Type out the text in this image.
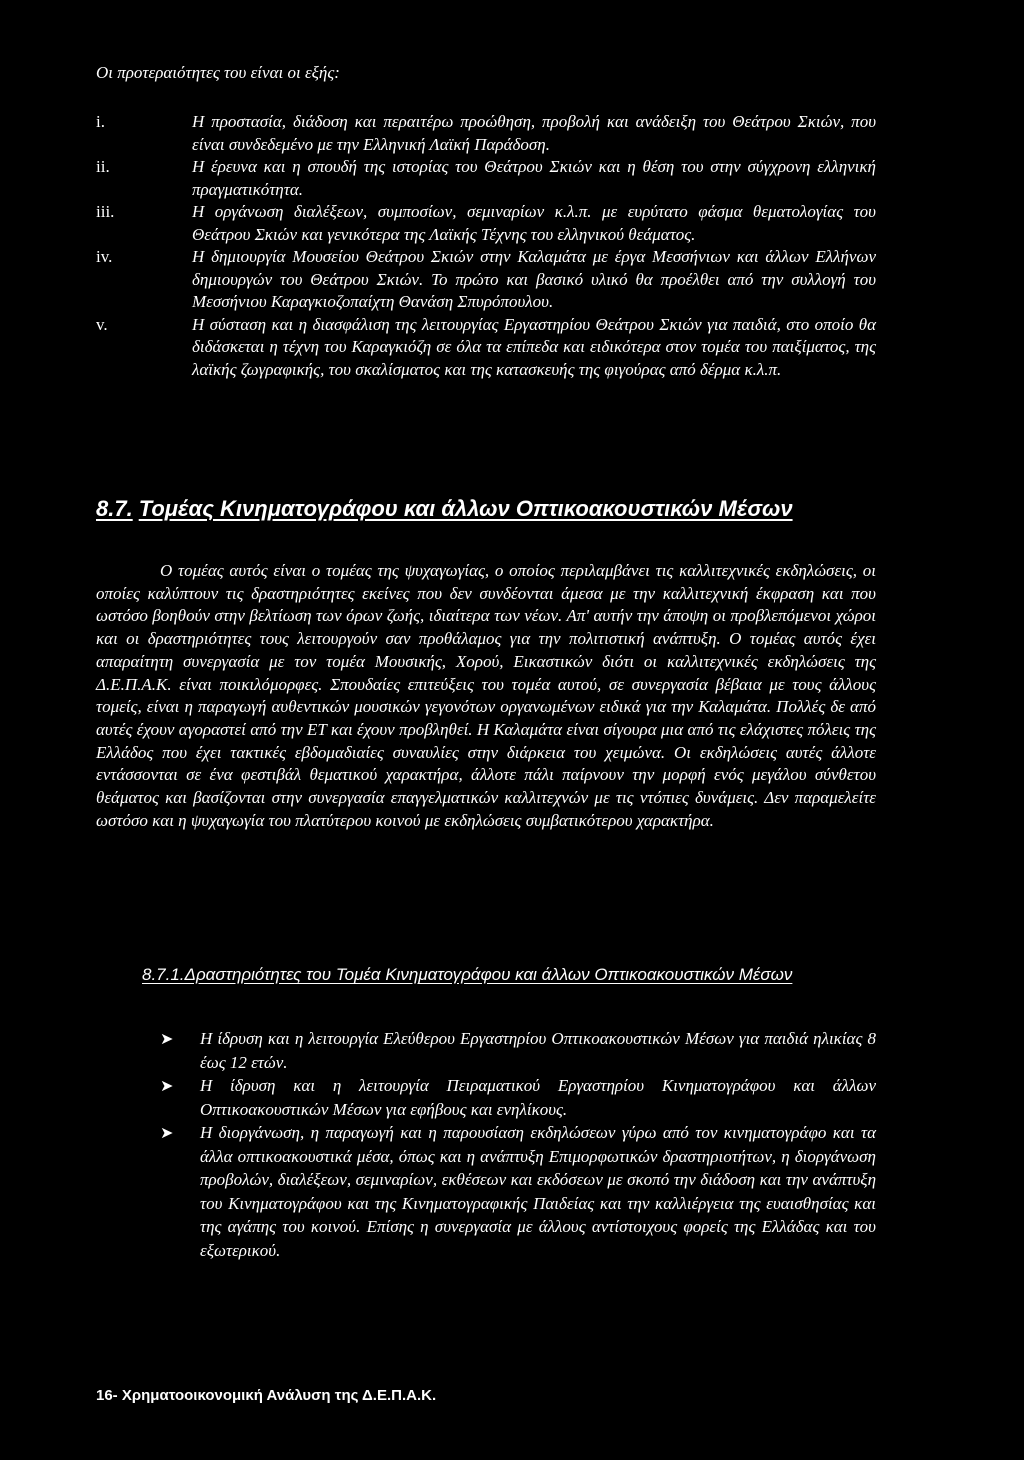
Οι προτεραιότητες του είναι οι εξής:
i.	Η προστασία, διάδοση και περαιτέρω προώθηση, προβολή και ανάδειξη του Θεάτρου Σκιών, που είναι συνδεδεμένο με την Ελληνική Λαϊκή Παράδοση.
ii.	Η έρευνα και η σπουδή της ιστορίας του Θεάτρου Σκιών και η θέση του στην σύγχρονη ελληνική πραγματικότητα.
iii.	Η οργάνωση διαλέξεων, συμποσίων, σεμιναρίων κ.λ.π. με ευρύτατο φάσμα θεματολογίας του Θεάτρου Σκιών και γενικότερα της Λαϊκής Τέχνης του ελληνικού θεάματος.
iv.	Η δημιουργία Μουσείου Θεάτρου Σκιών στην Καλαμάτα με έργα Μεσσήνιων και άλλων Ελλήνων δημιουργών του Θεάτρου Σκιών. Το πρώτο και βασικό υλικό θα προέλθει από την συλλογή του Μεσσήνιου Καραγκιοζοπαίχτη Θανάση Σπυρόπουλου.
v.	Η σύσταση και η διασφάλιση της λειτουργίας Εργαστηρίου Θεάτρου Σκιών για παιδιά, στο οποίο θα διδάσκεται η τέχνη του Καραγκιόζη σε όλα τα επίπεδα και ειδικότερα στον τομέα του παιξίματος, της λαϊκής ζωγραφικής, του σκαλίσματος και της κατασκευής της φιγούρας από δέρμα κ.λ.π.
8.7. Τομέας Κινηματογράφου και άλλων Οπτικοακουστικών Μέσων

Ο τομέας αυτός είναι ο τομέας της ψυχαγωγίας, ο οποίος περιλαμβάνει τις καλλιτεχνικές εκδηλώσεις, οι οποίες καλύπτουν τις δραστηριότητες εκείνες που δεν συνδέονται άμεσα με την καλλιτεχνική έκφραση και που ωστόσο βοηθούν στην βελτίωση των όρων ζωής, ιδιαίτερα των νέων. Απ' αυτήν την άποψη οι προβλεπόμενοι χώροι και οι δραστηριότητες τους λειτουργούν σαν προθάλαμος για την πολιτιστική ανάπτυξη. Ο τομέας αυτός έχει απαραίτητη συνεργασία με τον τομέα Μουσικής, Χορού, Εικαστικών διότι οι καλλιτεχνικές εκδηλώσεις της Δ.Ε.Π.Α.Κ. είναι ποικιλόμορφες. Σπουδαίες επιτεύξεις του τομέα αυτού, σε συνεργασία βέβαια με τους άλλους τομείς, είναι η παραγωγή αυθεντικών μουσικών γεγονότων οργανωμένων ειδικά για την Καλαμάτα. Πολλές δε από αυτές έχουν αγοραστεί από την ΕΤ και έχουν προβληθεί. Η Καλαμάτα είναι σίγουρα μια από τις ελάχιστες πόλεις της Ελλάδος που έχει τακτικές εβδομαδιαίες συναυλίες στην διάρκεια του χειμώνα. Οι εκδηλώσεις αυτές άλλοτε εντάσσονται σε ένα φεστιβάλ θεματικού χαρακτήρα, άλλοτε πάλι παίρνουν την μορφή ενός μεγάλου σύνθετου θεάματος και βασίζονται στην συνεργασία επαγγελματικών καλλιτεχνών με τις ντόπιες δυνάμεις. Δεν παραμελείτε ωστόσο και η ψυχαγωγία του πλατύτερου κοινού με εκδηλώσεις συμβατικότερου χαρακτήρα.

8.7.1.Δραστηριότητες του Τομέα Κινηματογράφου και άλλων Οπτικοακουστικών Μέσων
➤ Η ίδρυση και η λειτουργία Ελεύθερου Εργαστηρίου Οπτικοακουστικών Μέσων για παιδιά ηλικίας 8 έως 12 ετών.
➤ Η ίδρυση και η λειτουργία Πειραματικού Εργαστηρίου Κινηματογράφου και άλλων Οπτικοακουστικών Μέσων για εφήβους και ενηλίκους.
➤ Η διοργάνωση, η παραγωγή και η παρουσίαση εκδηλώσεων γύρω από τον κινηματογράφο και τα άλλα οπτικοακουστικά μέσα, όπως και η ανάπτυξη Επιμορφωτικών δραστηριοτήτων, η διοργάνωση προβολών, διαλέξεων, σεμιναρίων, εκθέσεων και εκδόσεων με σκοπό την διάδοση και την ανάπτυξη του Κινηματογράφου και της Κινηματογραφικής Παιδείας και την καλλιέργεια της ευαισθησίας και της αγάπης του κοινού. Επίσης η συνεργασία με άλλους αντίστοιχους φορείς της Ελλάδας και του εξωτερικού.
16- Χρηματοοικονομική Ανάλυση της Δ.Ε.Π.Α.Κ.
